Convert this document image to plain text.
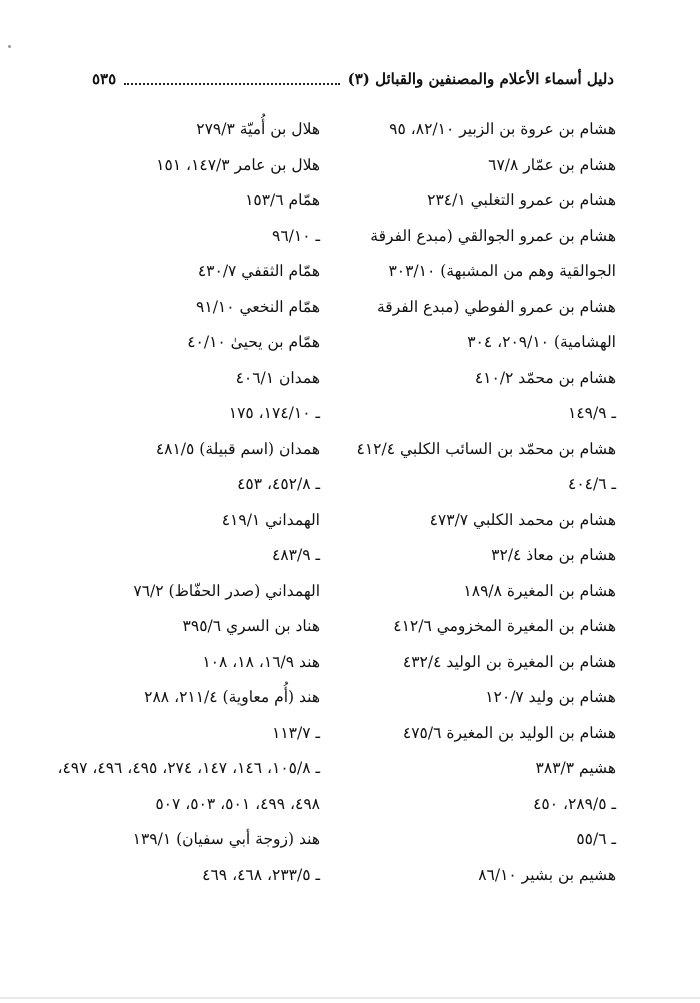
دليل أسماء الأعلام والمصنفين والقبائل (٣)
٥٣٥
هشام بن عروة بن الزبير ٨٢/١٠، ٩٥
هشام بن عمّار ٦٧/٨
هشام بن عمرو التغلبي ٢٣٤/١
هشام بن عمرو الجوالقي (مبدع الفرقة
الجوالقية وهم من المشبهة) ٣٠٣/١٠
هشام بن عمرو الفوطي (مبدع الفرقة
الهشامية) ٢٠٩/١٠، ٣٠٤
هشام بن محمّد ٤١٠/٢
ـ ١٤٩/٩
هشام بن محمّد بن السائب الكلبي ٤١٢/٤
ـ ٤٠٤/٦
هشام بن محمد الكلبي ٤٧٣/٧
هشام بن معاذ ٣٢/٤
هشام بن المغيرة ١٨٩/٨
هشام بن المغيرة المخزومي ٤١٢/٦
هشام بن المغيرة بن الوليد ٤٣٢/٤
هشام بن وليد ١٢٠/٧
هشام بن الوليد بن المغيرة ٤٧٥/٦
هشيم ٣٨٣/٣
ـ ٢٨٩/٥، ٤٥٠
ـ ٥٥/٦
هشيم بن بشير ٨٦/١٠
هلال بن أُميّة ٢٧٩/٣
هلال بن عامر ١٤٧/٣، ١٥١
همّام ١٥٣/٦
ـ ٩٦/١٠
همّام الثقفي ٤٣٠/٧
همّام النخعي ٩١/١٠
همّام بن يحيىٰ ٤٠/١٠
همدان ٤٠٦/١
ـ ١٧٤/١٠، ١٧٥
همدان (اسم قبيلة) ٤٨١/٥
ـ ٤٥٢/٨، ٤٥٣
الهمداني ٤١٩/١
ـ ٤٨٣/٩
الهمداني (صدر الحفّاظ) ٧٦/٢
هناد بن السري ٣٩٥/٦
هند ١٦/٩، ١٨، ١٠٨
هند (أُم معاوية) ٢١١/٤، ٢٨٨
ـ ١١٣/٧
ـ ١٠٥/٨، ١٤٦، ١٤٧، ٢٧٤، ٤٩٥، ٤٩٦، ٤٩٧،
٤٩٨، ٤٩٩، ٥٠١، ٥٠٣، ٥٠٧
هند (زوجة أبي سفيان) ١٣٩/١
ـ ٢٣٣/٥، ٤٦٨، ٤٦٩
